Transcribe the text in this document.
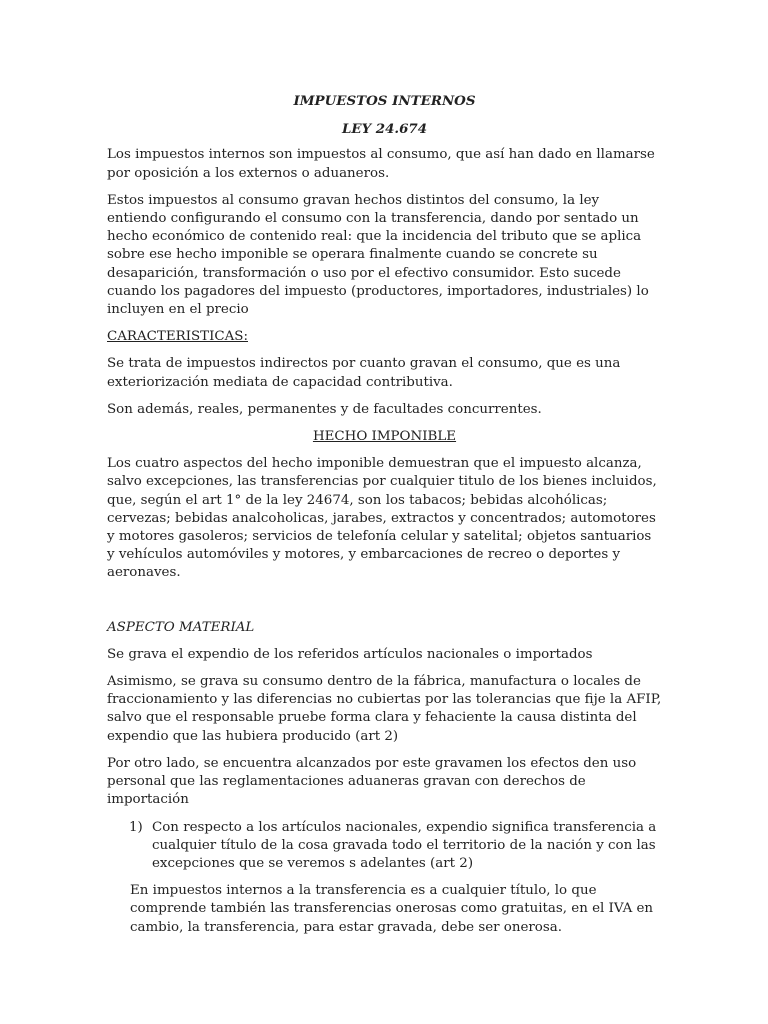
IMPUESTOS INTERNOS
LEY 24.674

Los impuestos internos son impuestos al consumo, que así han dado en llamarse por oposición a los externos o aduaneros.

Estos impuestos al consumo gravan hechos distintos del consumo, la ley entiendo configurando el consumo con la transferencia, dando por sentado un hecho económico de contenido real: que la incidencia del tributo que se aplica sobre ese hecho imponible se operara finalmente cuando se concrete su desaparición, transformación o uso por el efectivo consumidor. Esto sucede cuando los pagadores del impuesto (productores, importadores, industriales) lo incluyen en el precio

CARACTERISTICAS:

Se trata de impuestos indirectos por cuanto gravan el consumo, que es una exteriorización mediata de capacidad contributiva.

Son además, reales, permanentes y de facultades concurrentes.

HECHO IMPONIBLE

Los cuatro aspectos del hecho imponible demuestran que el impuesto alcanza, salvo excepciones, las transferencias por cualquier titulo de los bienes incluidos, que, según el art 1° de la ley 24674, son los tabacos; bebidas alcohólicas; cervezas; bebidas analcoholicas, jarabes, extractos y concentrados; automotores y motores gasoleros; servicios de telefonía celular y satelital; objetos santuarios y vehículos automóviles y motores, y embarcaciones de recreo o deportes y aeronaves.

ASPECTO MATERIAL

Se grava el expendio de los referidos artículos nacionales o importados

Asimismo, se grava su consumo dentro de la fábrica, manufactura o locales de fraccionamiento y las diferencias no cubiertas por las tolerancias que fije la AFIP, salvo que el responsable pruebe forma clara y fehaciente la causa distinta del expendio que las hubiera producido (art 2)

Por otro lado, se encuentra alcanzados por este gravamen los efectos den uso personal que las reglamentaciones aduaneras gravan con derechos de importación

1) Con respecto a los artículos nacionales, expendio significa transferencia a cualquier título de la cosa gravada todo el territorio de la nación y con las excepciones que se veremos s adelantes (art 2)

En impuestos internos a la transferencia es a cualquier título, lo que comprende también las transferencias onerosas como gratuitas, en el IVA en cambio, la transferencia, para estar gravada, debe ser onerosa.
